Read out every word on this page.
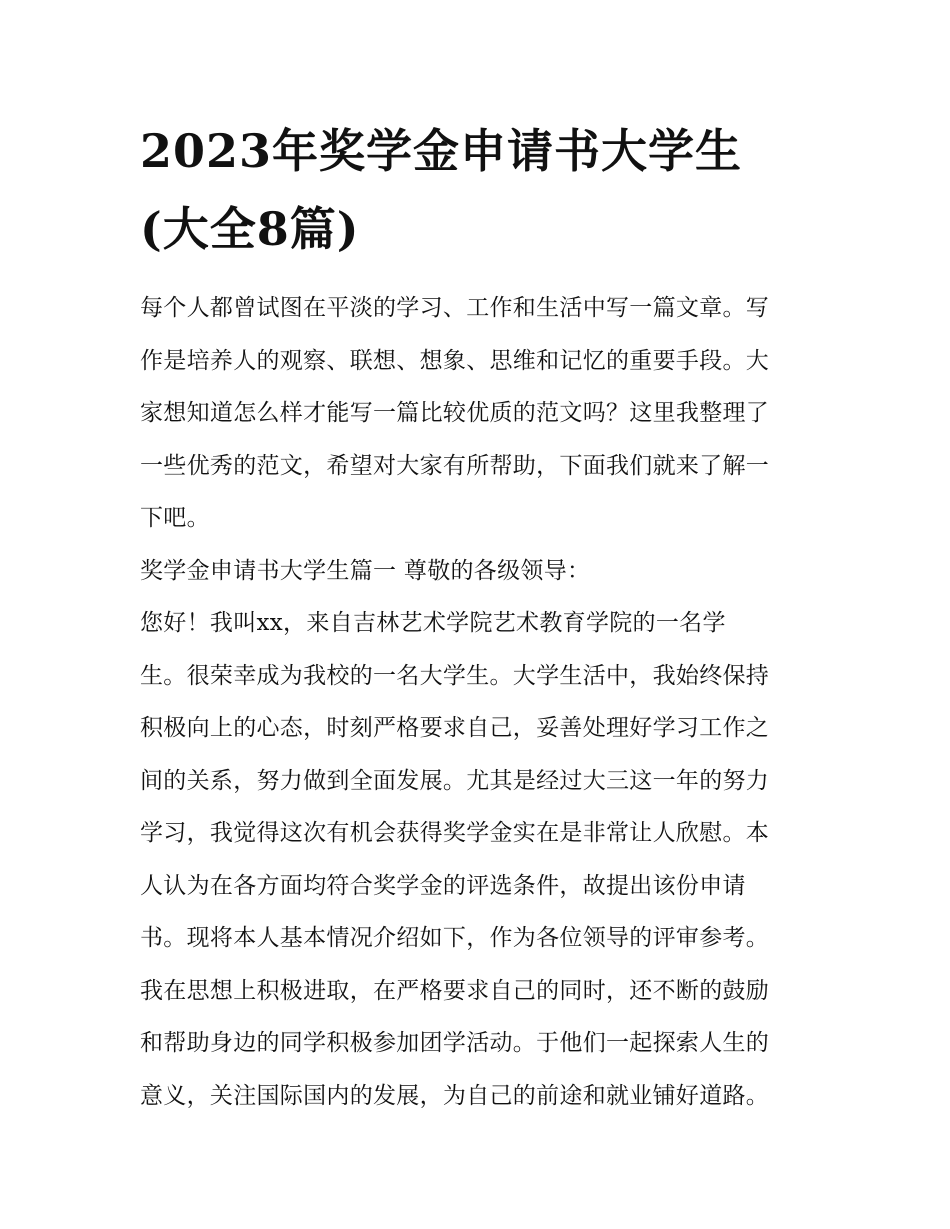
2023年奖学金申请书大学生
(大全8篇)
每个人都曾试图在平淡的学习、工作和生活中写一篇文章。写
作是培养人的观察、联想、想象、思维和记忆的重要手段。大
家想知道怎么样才能写一篇比较优质的范文吗？这里我整理了
一些优秀的范文，希望对大家有所帮助，下面我们就来了解一
下吧。
奖学金申请书大学生篇一 尊敬的各级领导：
您好！我叫xx，来自吉林艺术学院艺术教育学院的一名学
生。很荣幸成为我校的一名大学生。大学生活中，我始终保持
积极向上的心态，时刻严格要求自己，妥善处理好学习工作之
间的关系，努力做到全面发展。尤其是经过大三这一年的努力
学习，我觉得这次有机会获得奖学金实在是非常让人欣慰。本
人认为在各方面均符合奖学金的评选条件，故提出该份申请
书。现将本人基本情况介绍如下，作为各位领导的评审参考。
我在思想上积极进取，在严格要求自己的同时，还不断的鼓励
和帮助身边的同学积极参加团学活动。于他们一起探索人生的
意义，关注国际国内的发展，为自己的前途和就业铺好道路。
